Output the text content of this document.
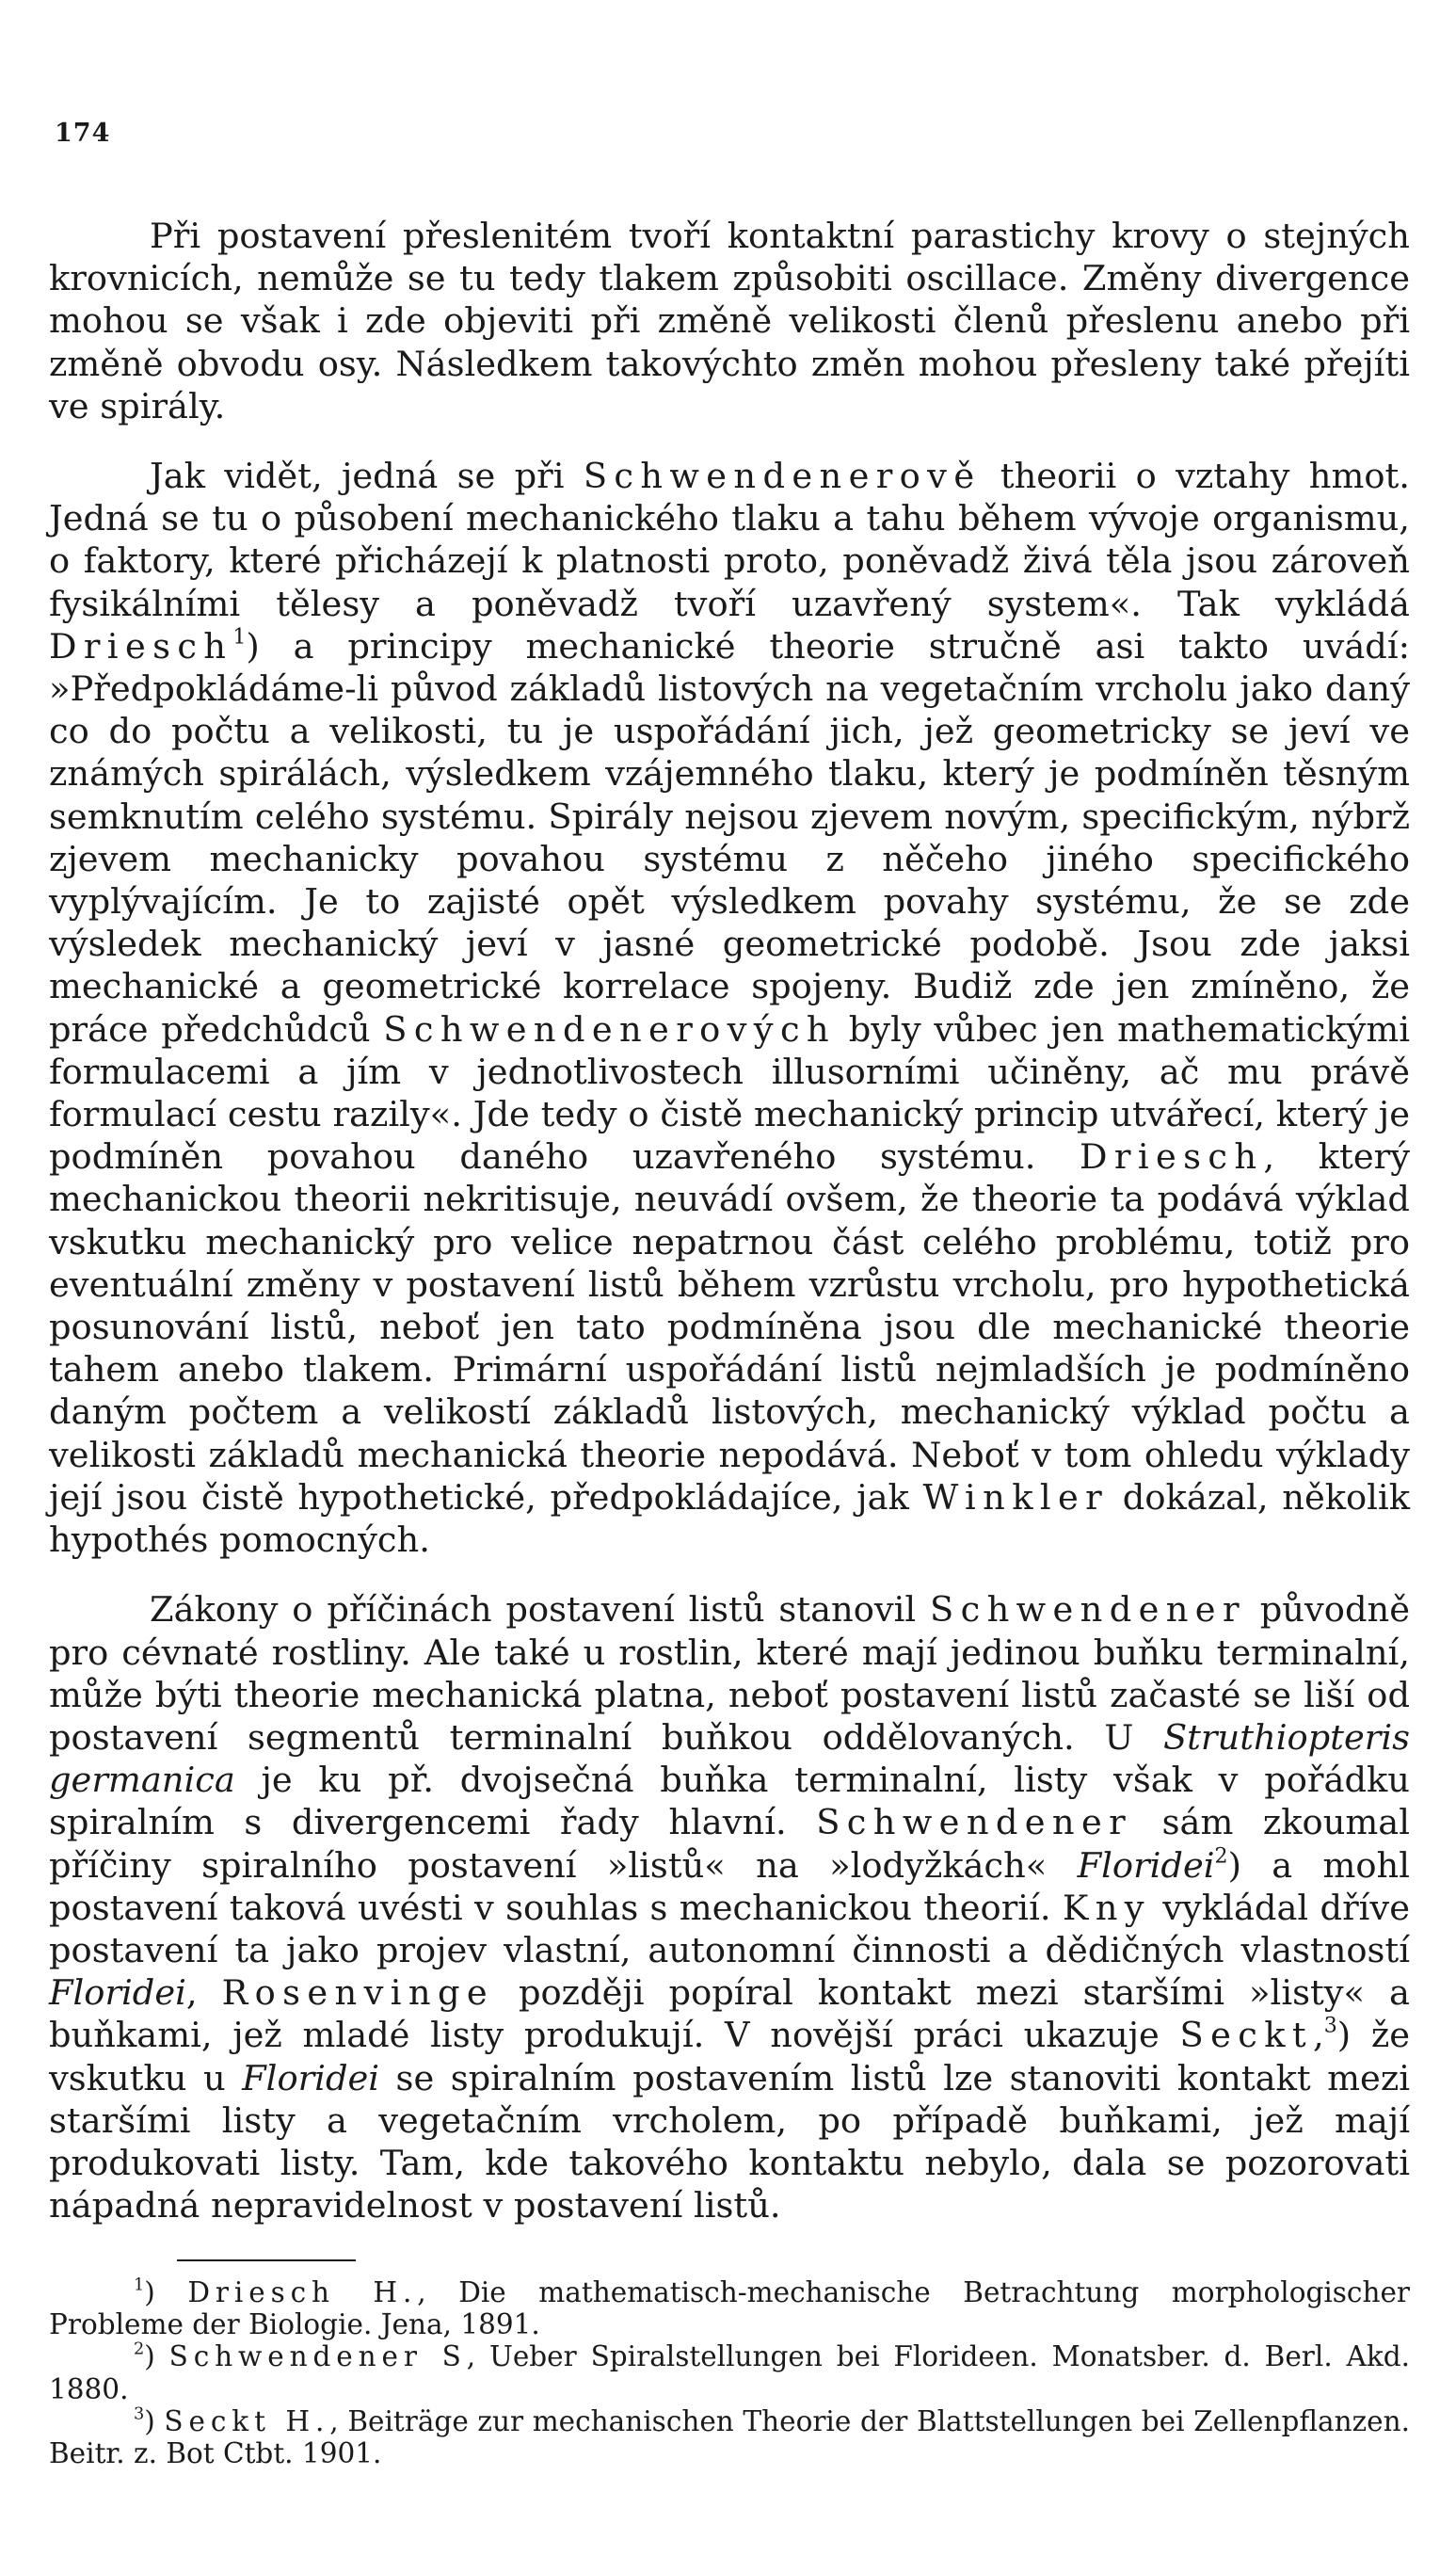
174

Při postavení přeslenitém tvoří kontaktní parastichy krovy o stejných krovnicích, nemůže se tu tedy tlakem způsobiti oscillace. Změny divergence mohou se však i zde objeviti při změně velikosti členů přeslenu anebo při změně obvodu osy. Následkem takovýchto změn mohou přesleny také přejíti ve spirály.

Jak vidět, jedná se při Schwendenerově theorii o vztahy hmot. Jedná se tu o působení mechanického tlaku a tahu během vývoje organismu, o faktory, které přicházejí k platnosti proto, poněvadž živá těla jsou zároveň fysikálními tělesy a poněvadž tvoří uzavřený system«. Tak vykládá Driesch$^1$) a principy mechanické theorie stručně asi takto uvádí: »Předpokládáme-li původ základů listových na vegetačním vrcholu jako daný co do počtu a velikosti, tu je uspořádání jich, jež geometricky se jeví ve známých spirálách, výsledkem vzájemného tlaku, který je podmíněn těsným semknutím celého systému. Spirály nejsou zjevem novým, specifickým, nýbrž zjevem mechanicky povahou systému z něčeho jiného specifického vyplývajícím. Je to zajisté opět výsledkem povahy systému, že se zde výsledek mechanický jeví v jasné geometrické podobě. Jsou zde jaksi mechanické a geometrické korrelace spojeny. Budiž zde jen zmíněno, že práce předchůdců Schwendenerových byly vůbec jen mathematickými formulacemi a jím v jednotlivostech illusorními učiněny, ač mu právě formulací cestu razily«. Jde tedy o čistě mechanický princip utvářecí, který je podmíněn povahou daného uzavřeného systému. Driesch, který mechanickou theorii nekritisuje, neuvádí ovšem, že theorie ta podává výklad vskutku mechanický pro velice nepatrnou část celého problému, totiž pro eventuální změny v postavení listů během vzrůstu vrcholu, pro hypothetická posunování listů, neboť jen tato podmíněna jsou dle mechanické theorie tahem anebo tlakem. Primární uspořádání listů nejmladších je podmíněno daným počtem a velikostí základů listových, mechanický výklad počtu a velikosti základů mechanická theorie nepodává. Neboť v tom ohledu výklady její jsou čistě hypothetické, předpokládajíce, jak Winkler dokázal, několik hypothés pomocných.

Zákony o příčinách postavení listů stanovil Schwendener původně pro cévnaté rostliny. Ale také u rostlin, které mají jedinou buňku terminalní, může býti theorie mechanická platna, neboť postavení listů začasté se liší od postavení segmentů terminalní buňkou oddělovaných. U Struthiopteris germanica je ku př. dvojsečná buňka terminalní, listy však v pořádku spiralním s divergencemi řady hlavní. Schwendener sám zkoumal příčiny spiralního postavení »listů« na »lodyžkách« Floridei$^2$) a mohl postavení taková uvésti v souhlas s mechanickou theorií. Kny vykládal dříve postavení ta jako projev vlastní, autonomní činnosti a dědičných vlastností Floridei, Rosenvinge později popíral kontakt mezi staršími »listy« a buňkami, jež mladé listy produkují. V novější práci ukazuje Seckt,$^3$) že vskutku u Floridei se spiralním postavením listů lze stanoviti kontakt mezi staršími listy a vegetačním vrcholem, po případě buňkami, jež mají produkovati listy. Tam, kde takového kontaktu nebylo, dala se pozorovati nápadná nepravidelnost v postavení listů.

$^1$) Driesch H., Die mathematisch-mechanische Betrachtung morphologischer Probleme der Biologie. Jena, 1891.

$^2$) Schwendener S, Ueber Spiralstellungen bei Florideen. Monatsber. d. Berl. Akd. 1880.

$^3$) Seckt H., Beiträge zur mechanischen Theorie der Blattstellungen bei Zellenpflanzen. Beitr. z. Bot Ctbt. 1901.
